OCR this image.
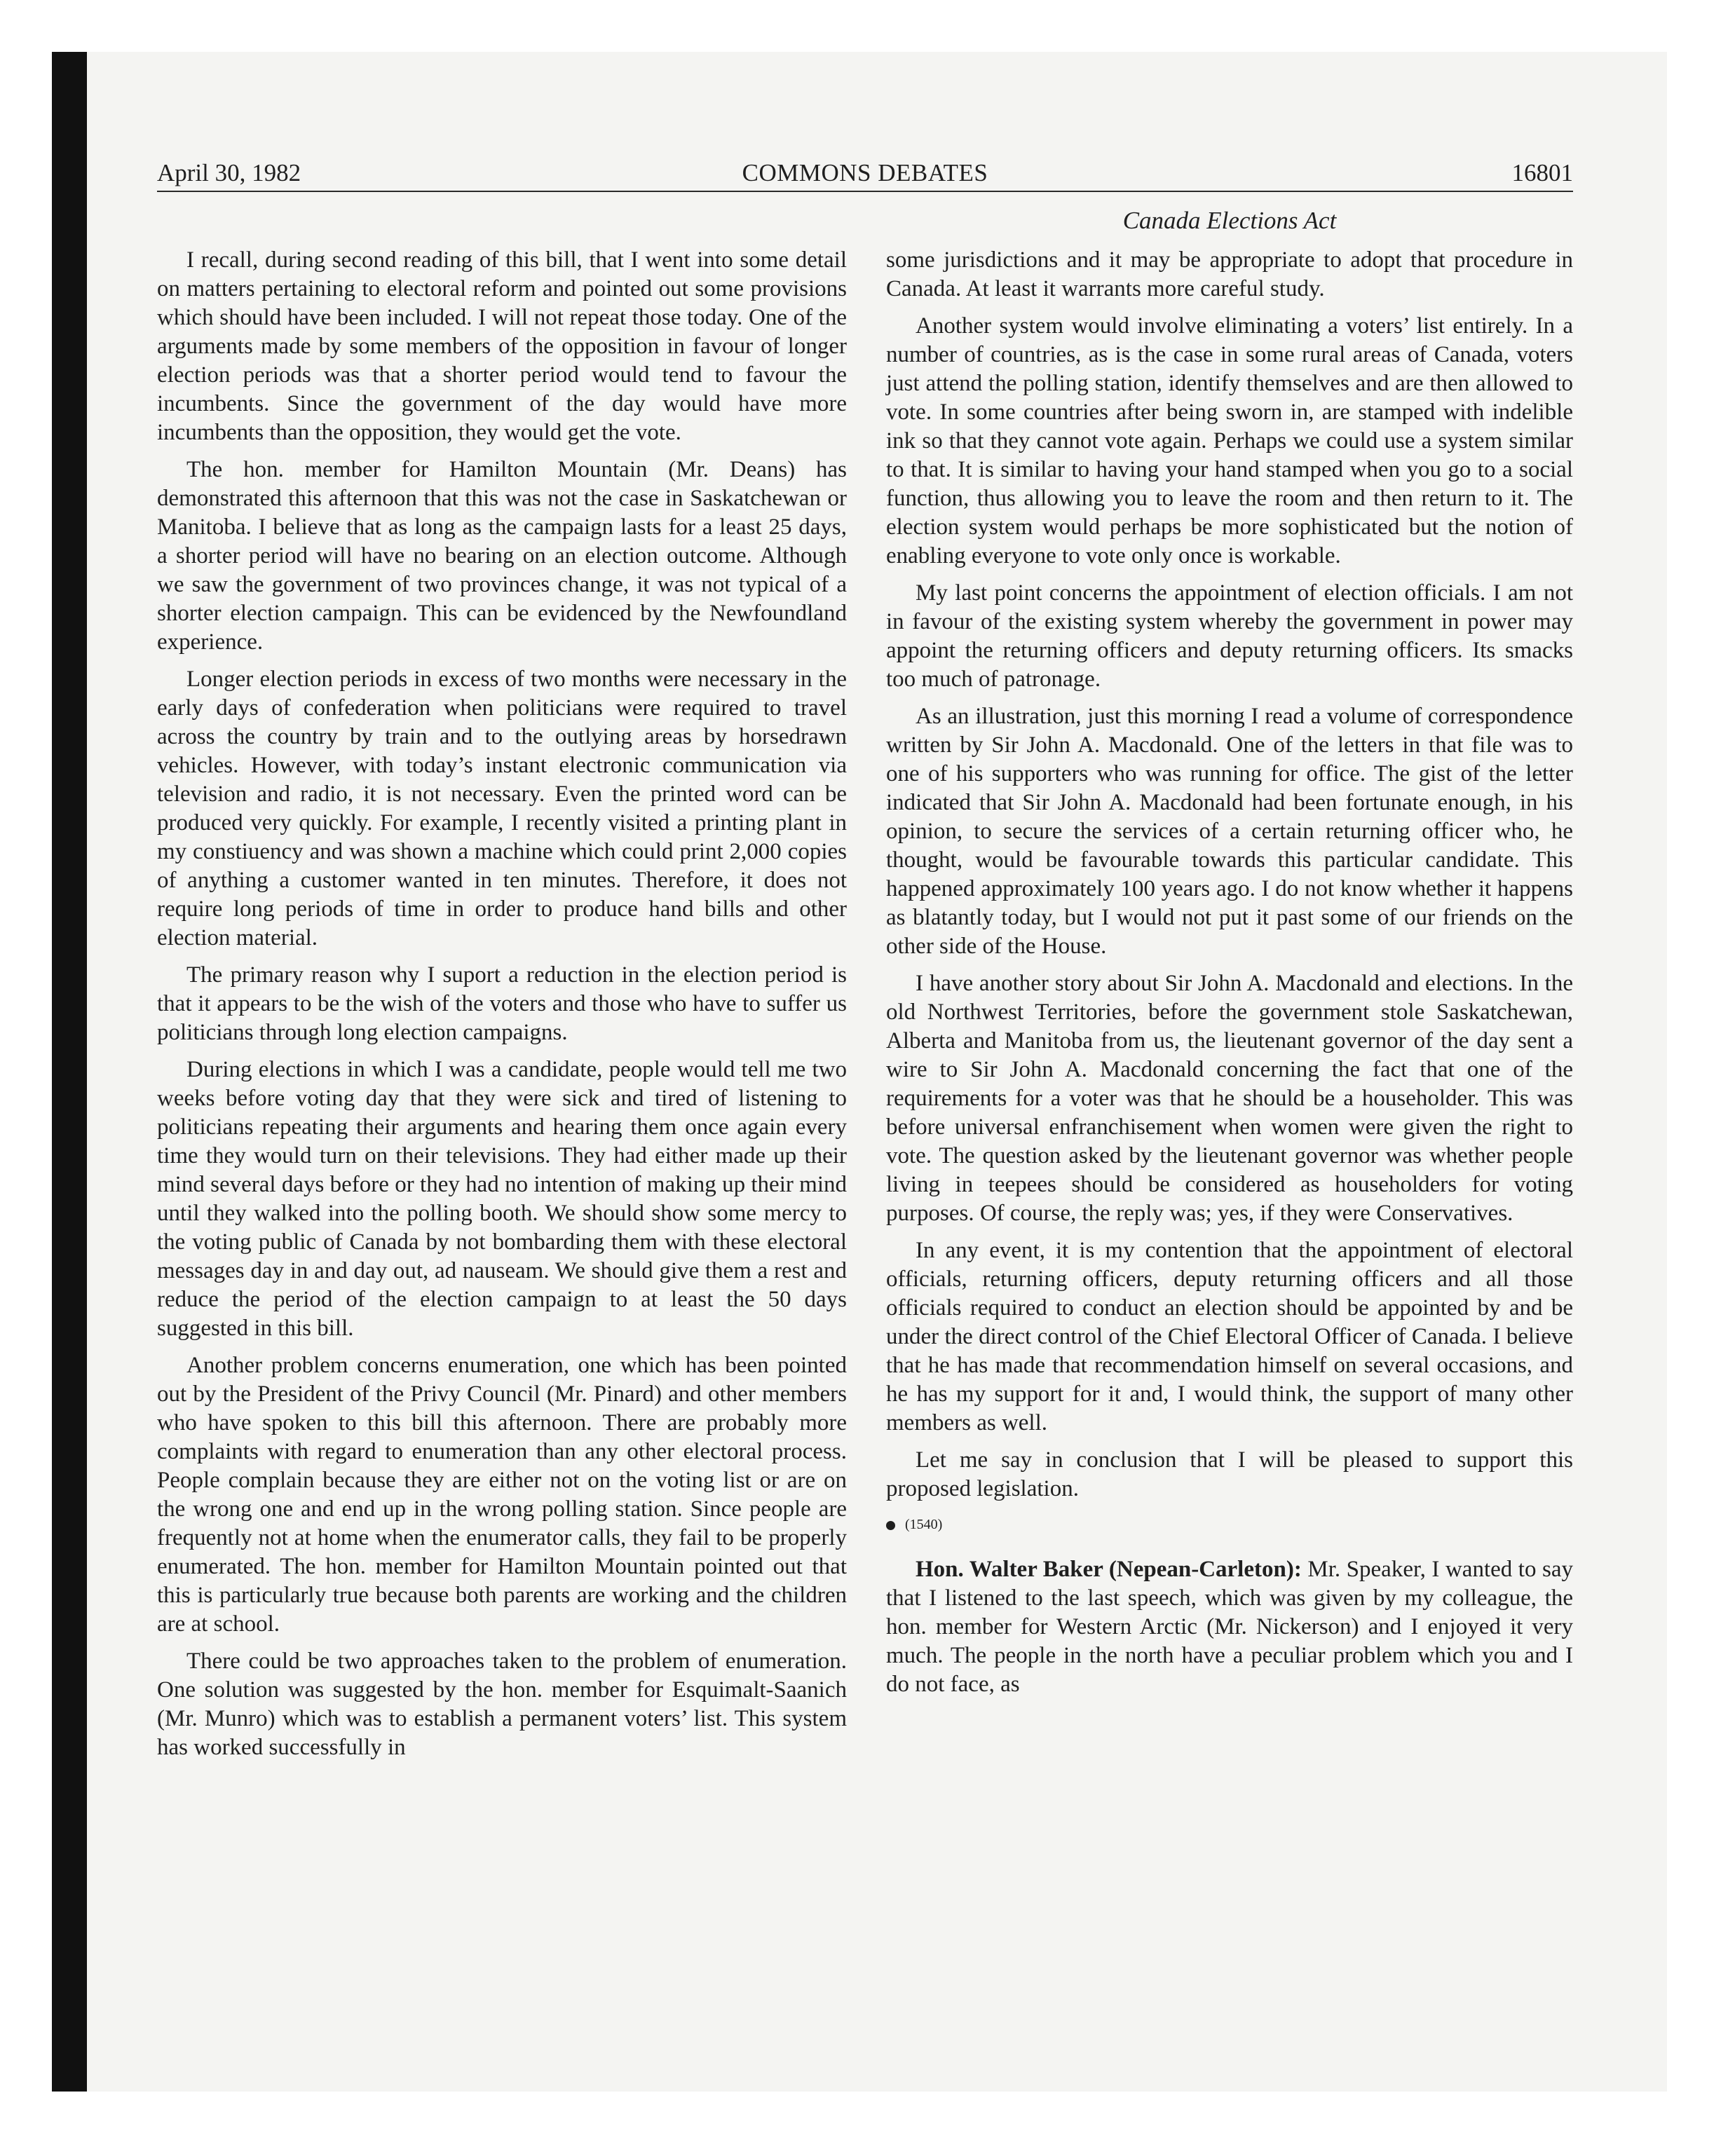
April 30, 1982	COMMONS DEBATES	16801
Canada Elections Act

I recall, during second reading of this bill, that I went into some detail on matters pertaining to electoral reform and pointed out some provisions which should have been included. I will not repeat those today. One of the arguments made by some members of the opposition in favour of longer election periods was that a shorter period would tend to favour the incumbents. Since the government of the day would have more incumbents than the opposition, they would get the vote.

The hon. member for Hamilton Mountain (Mr. Deans) has demonstrated this afternoon that this was not the case in Saskatchewan or Manitoba. I believe that as long as the campaign lasts for a least 25 days, a shorter period will have no bearing on an election outcome. Although we saw the government of two provinces change, it was not typical of a shorter election campaign. This can be evidenced by the Newfoundland experience.

Longer election periods in excess of two months were necessary in the early days of confederation when politicians were required to travel across the country by train and to the outlying areas by horsedrawn vehicles. However, with today’s instant electronic communication via television and radio, it is not necessary. Even the printed word can be produced very quickly. For example, I recently visited a printing plant in my constiuency and was shown a machine which could print 2,000 copies of anything a customer wanted in ten minutes. Therefore, it does not require long periods of time in order to produce hand bills and other election material.

The primary reason why I suport a reduction in the election period is that it appears to be the wish of the voters and those who have to suffer us politicians through long election campaigns.

During elections in which I was a candidate, people would tell me two weeks before voting day that they were sick and tired of listening to politicians repeating their arguments and hearing them once again every time they would turn on their televisions. They had either made up their mind several days before or they had no intention of making up their mind until they walked into the polling booth. We should show some mercy to the voting public of Canada by not bombarding them with these electoral messages day in and day out, ad nauseam. We should give them a rest and reduce the period of the election campaign to at least the 50 days suggested in this bill.

Another problem concerns enumeration, one which has been pointed out by the President of the Privy Council (Mr. Pinard) and other members who have spoken to this bill this afternoon. There are probably more complaints with regard to enumeration than any other electoral process. People complain because they are either not on the voting list or are on the wrong one and end up in the wrong polling station. Since people are frequently not at home when the enumerator calls, they fail to be properly enumerated. The hon. member for Hamilton Mountain pointed out that this is particularly true because both parents are working and the children are at school.

There could be two approaches taken to the problem of enumeration. One solution was suggested by the hon. member for Esquimalt-Saanich (Mr. Munro) which was to establish a permanent voters’ list. This system has worked successfully in

some jurisdictions and it may be appropriate to adopt that procedure in Canada. At least it warrants more careful study.

Another system would involve eliminating a voters’ list entirely. In a number of countries, as is the case in some rural areas of Canada, voters just attend the polling station, identify themselves and are then allowed to vote. In some countries after being sworn in, are stamped with indelible ink so that they cannot vote again. Perhaps we could use a system similar to that. It is similar to having your hand stamped when you go to a social function, thus allowing you to leave the room and then return to it. The election system would perhaps be more sophisticated but the notion of enabling everyone to vote only once is workable.

My last point concerns the appointment of election officials. I am not in favour of the existing system whereby the government in power may appoint the returning officers and deputy returning officers. Its smacks too much of patronage.

As an illustration, just this morning I read a volume of correspondence written by Sir John A. Macdonald. One of the letters in that file was to one of his supporters who was running for office. The gist of the letter indicated that Sir John A. Macdonald had been fortunate enough, in his opinion, to secure the services of a certain returning officer who, he thought, would be favourable towards this particular candidate. This happened approximately 100 years ago. I do not know whether it happens as blatantly today, but I would not put it past some of our friends on the other side of the House.

I have another story about Sir John A. Macdonald and elections. In the old Northwest Territories, before the government stole Saskatchewan, Alberta and Manitoba from us, the lieutenant governor of the day sent a wire to Sir John A. Macdonald concerning the fact that one of the requirements for a voter was that he should be a householder. This was before universal enfranchisement when women were given the right to vote. The question asked by the lieutenant governor was whether people living in teepees should be considered as householders for voting purposes. Of course, the reply was; yes, if they were Conservatives.

In any event, it is my contention that the appointment of electoral officials, returning officers, deputy returning officers and all those officials required to conduct an election should be appointed by and be under the direct control of the Chief Electoral Officer of Canada. I believe that he has made that recommendation himself on several occasions, and he has my support for it and, I would think, the support of many other members as well.

Let me say in conclusion that I will be pleased to support this proposed legislation.

(1540)

Hon. Walter Baker (Nepean-Carleton): Mr. Speaker, I wanted to say that I listened to the last speech, which was given by my colleague, the hon. member for Western Arctic (Mr. Nickerson) and I enjoyed it very much. The people in the north have a peculiar problem which you and I do not face, as
